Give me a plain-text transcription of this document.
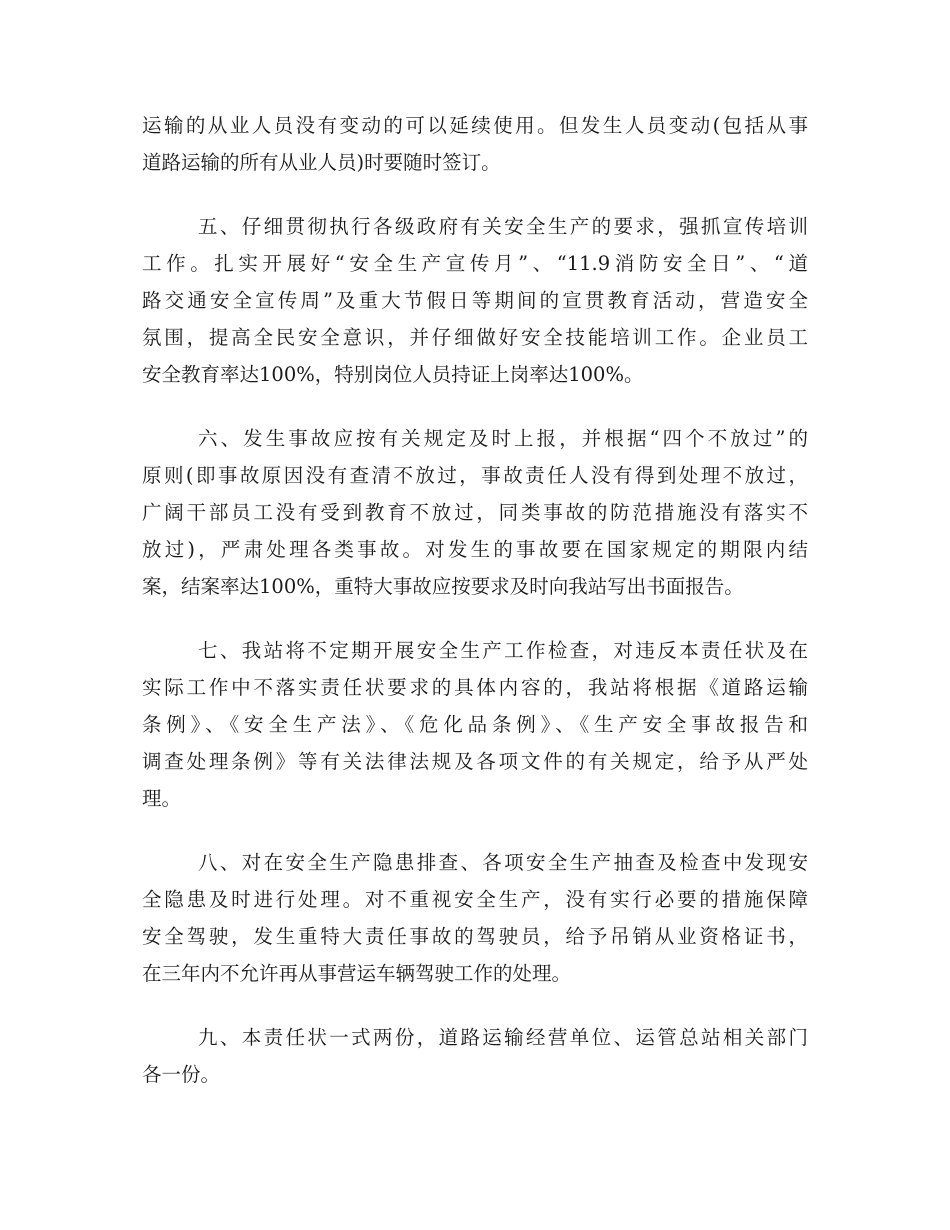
运输的从业人员没有变动的可以延续使用。但发生人员变动(包括从事
道路运输的所有从业人员)时要随时签订。
五、仔细贯彻执行各级政府有关安全生产的要求，强抓宣传培训
工作。扎实开展好“安全生产宣传月”、“11.9消防安全日”、“道
路交通安全宣传周”及重大节假日等期间的宣贯教育活动，营造安全
氛围，提高全民安全意识，并仔细做好安全技能培训工作。企业员工
安全教育率达100%，特别岗位人员持证上岗率达100%。
六、发生事故应按有关规定及时上报，并根据“四个不放过”的
原则(即事故原因没有查清不放过，事故责任人没有得到处理不放过，
广阔干部员工没有受到教育不放过，同类事故的防范措施没有落实不
放过)，严肃处理各类事故。对发生的事故要在国家规定的期限内结
案，结案率达100%，重特大事故应按要求及时向我站写出书面报告。
七、我站将不定期开展安全生产工作检查，对违反本责任状及在
实际工作中不落实责任状要求的具体内容的，我站将根据《道路运输
条例》、《安全生产法》、《危化品条例》、《生产安全事故报告和
调查处理条例》等有关法律法规及各项文件的有关规定，给予从严处
理。
八、对在安全生产隐患排查、各项安全生产抽查及检查中发现安
全隐患及时进行处理。对不重视安全生产，没有实行必要的措施保障
安全驾驶，发生重特大责任事故的驾驶员，给予吊销从业资格证书，
在三年内不允许再从事营运车辆驾驶工作的处理。
九、本责任状一式两份，道路运输经营单位、运管总站相关部门
各一份。
